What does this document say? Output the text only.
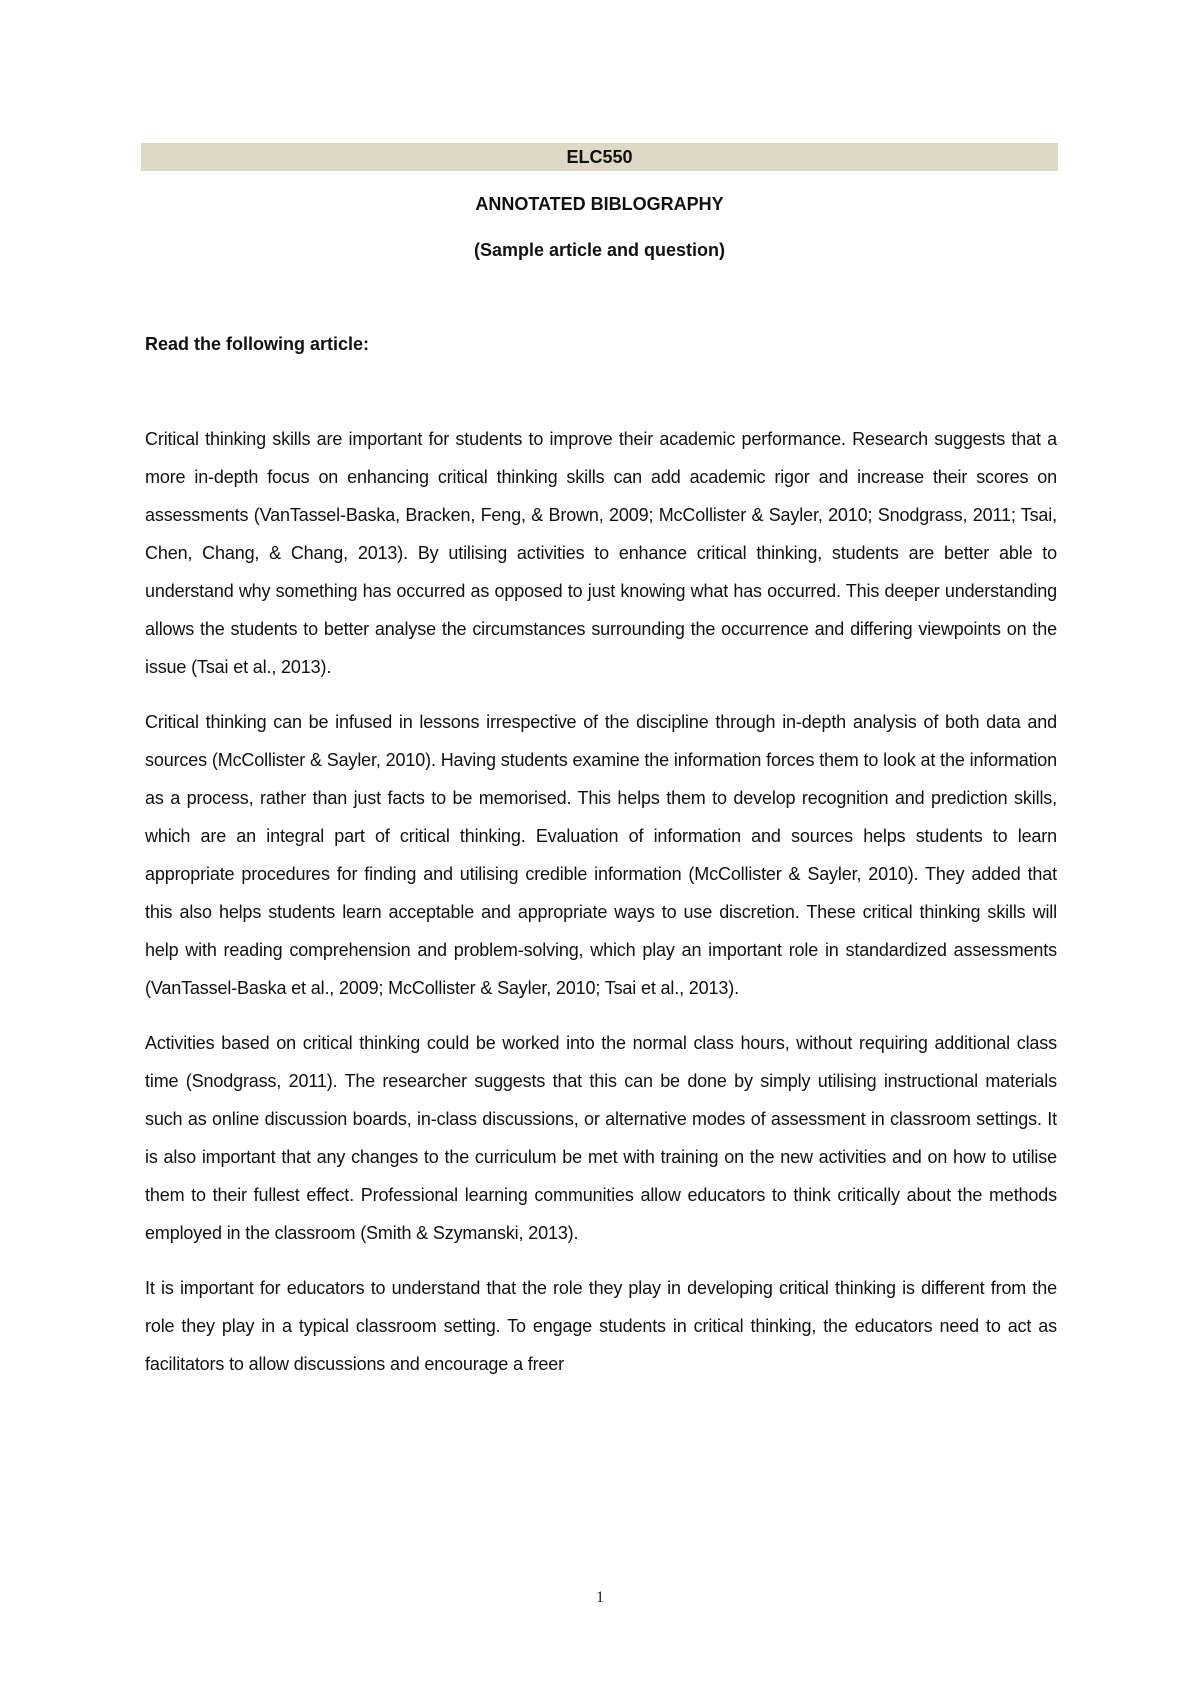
ELC550
ANNOTATED BIBLOGRAPHY
(Sample article and question)
Read the following article:

Critical thinking skills are important for students to improve their academic performance. Research suggests that a more in-depth focus on enhancing critical thinking skills can add academic rigor and increase their scores on assessments (VanTassel-Baska, Bracken, Feng, & Brown, 2009; McCollister & Sayler, 2010; Snodgrass, 2011; Tsai, Chen, Chang, & Chang, 2013). By utilising activities to enhance critical thinking, students are better able to understand why something has occurred as opposed to just knowing what has occurred. This deeper understanding allows the students to better analyse the circumstances surrounding the occurrence and differing viewpoints on the issue (Tsai et al., 2013).

Critical thinking can be infused in lessons irrespective of the discipline through in-depth analysis of both data and sources (McCollister & Sayler, 2010). Having students examine the information forces them to look at the information as a process, rather than just facts to be memorised. This helps them to develop recognition and prediction skills, which are an integral part of critical thinking. Evaluation of information and sources helps students to learn appropriate procedures for finding and utilising credible information (McCollister & Sayler, 2010). They added that this also helps students learn acceptable and appropriate ways to use discretion. These critical thinking skills will help with reading comprehension and problem-solving, which play an important role in standardized assessments (VanTassel-Baska et al., 2009; McCollister & Sayler, 2010; Tsai et al., 2013).

Activities based on critical thinking could be worked into the normal class hours, without requiring additional class time (Snodgrass, 2011). The researcher suggests that this can be done by simply utilising instructional materials such as online discussion boards, in-class discussions, or alternative modes of assessment in classroom settings. It is also important that any changes to the curriculum be met with training on the new activities and on how to utilise them to their fullest effect. Professional learning communities allow educators to think critically about the methods employed in the classroom (Smith & Szymanski, 2013).

It is important for educators to understand that the role they play in developing critical thinking is different from the role they play in a typical classroom setting. To engage students in critical thinking, the educators need to act as facilitators to allow discussions and encourage a freer

1
